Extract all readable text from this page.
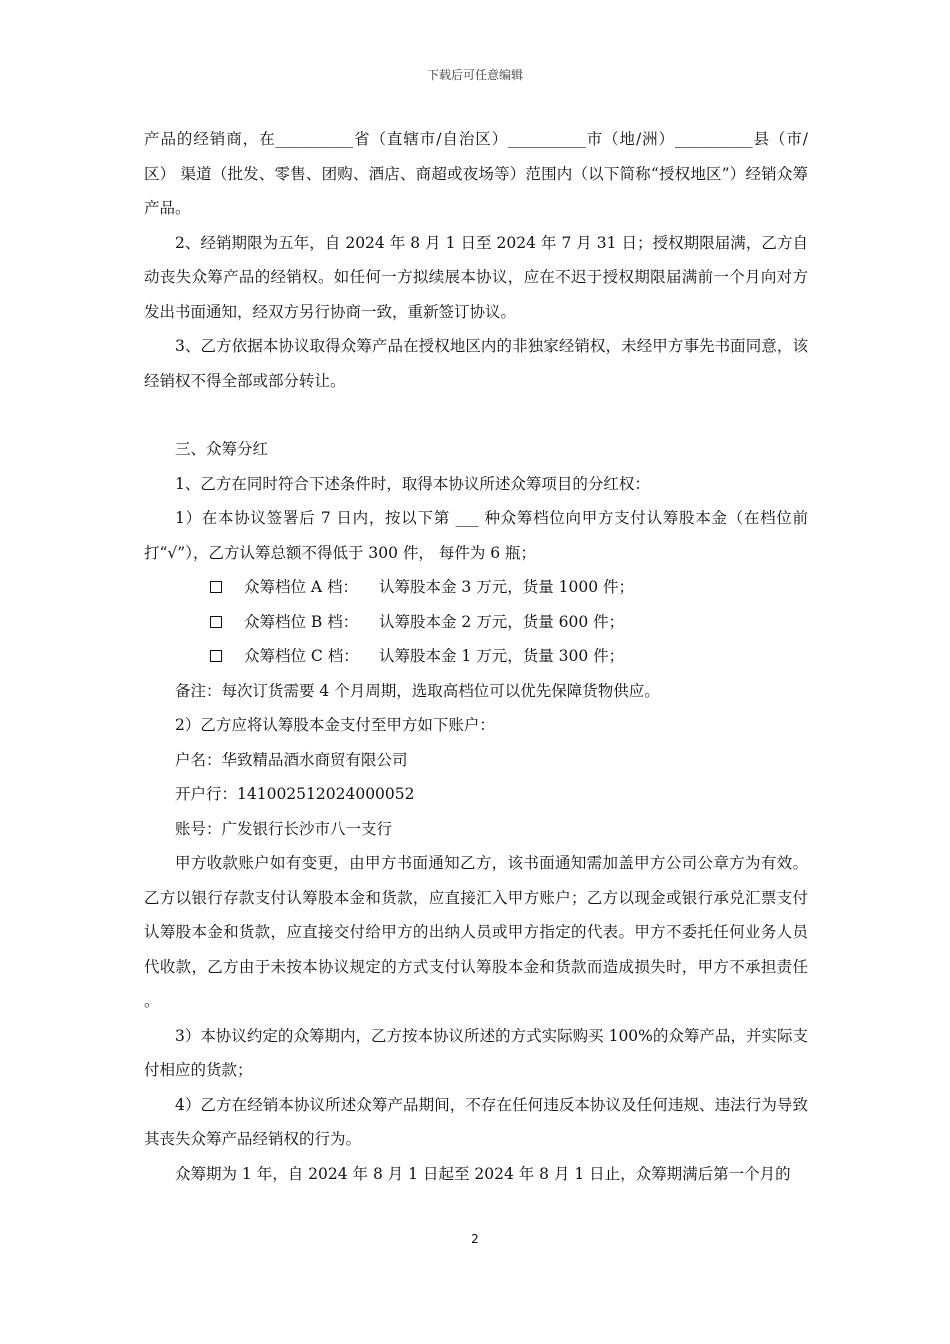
下载后可任意编辑

产品的经销商，在__________省（直辖市/自治区）__________市（地/洲）__________县（市/区） 渠道（批发、零售、团购、酒店、商超或夜场等）范围内（以下简称“授权地区”）经销众筹产品。

2、经销期限为五年，自 2024 年 8 月 1 日至 2024 年 7 月 31 日；授权期限届满，乙方自动丧失众筹产品的经销权。如任何一方拟续展本协议，应在不迟于授权期限届满前一个月向对方发出书面通知，经双方另行协商一致，重新签订协议。

3、乙方依据本协议取得众筹产品在授权地区内的非独家经销权，未经甲方事先书面同意，该经销权不得全部或部分转让。

三、众筹分红

1、乙方在同时符合下述条件时，取得本协议所述众筹项目的分红权：

1）在本协议签署后 7 日内，按以下第 ___ 种众筹档位向甲方支付认筹股本金（在档位前打“√”），乙方认筹总额不得低于 300 件， 每件为 6 瓶；

众筹档位 A 档：	认筹股本金 3 万元，货量 1000 件；
众筹档位 B 档：	认筹股本金 2 万元，货量 600 件；
众筹档位 C 档：	认筹股本金 1 万元，货量 300 件；

备注：每次订货需要 4 个月周期，选取高档位可以优先保障货物供应。

2）乙方应将认筹股本金支付至甲方如下账户：

户名：华致精品酒水商贸有限公司

开户行：141002512024000052

账号：广发银行长沙市八一支行

甲方收款账户如有变更，由甲方书面通知乙方，该书面通知需加盖甲方公司公章方为有效。乙方以银行存款支付认筹股本金和货款，应直接汇入甲方账户；乙方以现金或银行承兑汇票支付认筹股本金和货款，应直接交付给甲方的出纳人员或甲方指定的代表。甲方不委托任何业务人员代收款，乙方由于未按本协议规定的方式支付认筹股本金和货款而造成损失时，甲方不承担责任 。

3）本协议约定的众筹期内，乙方按本协议所述的方式实际购买 100%的众筹产品，并实际支付相应的货款；

4）乙方在经销本协议所述众筹产品期间，不存在任何违反本协议及任何违规、违法行为导致其丧失众筹产品经销权的行为。

众筹期为 1 年，自 2024 年 8 月 1 日起至 2024 年 8 月 1 日止，众筹期满后第一个月的

2
